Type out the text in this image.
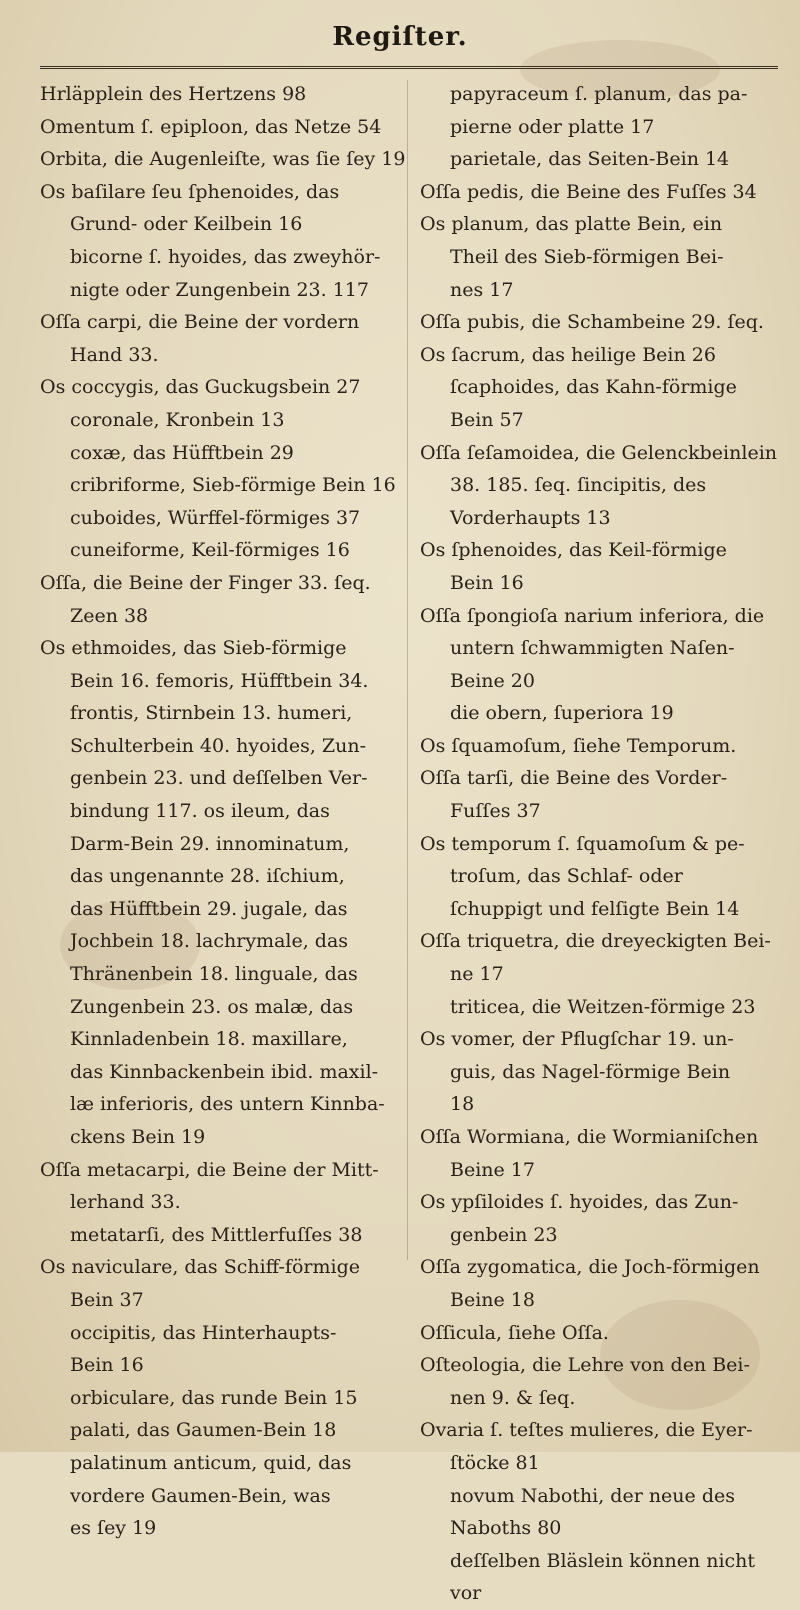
Regiſter.
Hrläpplein des Hertzens 98
Omentum ſ. epiploon, das Netze 54
Orbita, die Augenleiſte, was ſie ſey 19
Os baſilare ſeu ſphenoides, das
Grund- oder Keilbein 16
bicorne ſ. hyoides, das zweyhör-
nigte oder Zungenbein 23. 117
Oſſa carpi, die Beine der vordern
Hand 33.
Os coccygis, das Guckugsbein 27
coronale, Kronbein 13
coxæ, das Hüfftbein 29
cribriforme, Sieb-förmige Bein 16
cuboides, Würffel-förmiges 37
cuneiforme, Keil-förmiges 16
Oſſa, die Beine der Finger 33. ſeq.
Zeen 38
Os ethmoides, das Sieb-förmige
Bein 16. femoris, Hüfftbein 34.
frontis, Stirnbein 13. humeri,
Schulterbein 40. hyoides, Zun-
genbein 23. und deſſelben Ver-
bindung 117. os ileum, das
Darm-Bein 29. innominatum,
das ungenannte 28. iſchium,
das Hüfftbein 29. jugale, das
Jochbein 18. lachrymale, das
Thränenbein 18. linguale, das
Zungenbein 23. os malæ, das
Kinnladenbein 18. maxillare,
das Kinnbackenbein ibid. maxil-
læ inferioris, des untern Kinnba-
ckens Bein 19
Oſſa metacarpi, die Beine der Mitt-
lerhand 33.
metatarſi, des Mittlerfuſſes 38
Os naviculare, das Schiff-förmige
Bein 37
occipitis, das Hinterhaupts-
Bein 16
orbiculare, das runde Bein 15
palati, das Gaumen-Bein 18
palatinum anticum, quid, das
vordere Gaumen-Bein, was
es ſey 19
papyraceum ſ. planum, das pa-
pierne oder platte 17
parietale, das Seiten-Bein 14
Oſſa pedis, die Beine des Fuſſes 34
Os planum, das platte Bein, ein
Theil des Sieb-förmigen Bei-
nes 17
Oſſa pubis, die Schambeine 29. ſeq.
Os ſacrum, das heilige Bein 26
ſcaphoides, das Kahn-förmige
Bein 57
Oſſa ſeſamoidea, die Gelenckbeinlein
38. 185. ſeq. ſincipitis, des
Vorderhaupts 13
Os ſphenoides, das Keil-förmige
Bein 16
Oſſa ſpongioſa narium inferiora, die
untern ſchwammigten Naſen-
Beine 20
die obern, ſuperiora 19
Os ſquamoſum, ſiehe Temporum.
Oſſa tarſi, die Beine des Vorder-
Fuſſes 37
Os temporum ſ. ſquamoſum & pe-
troſum, das Schlaf- oder
ſchuppigt und felſigte Bein 14
Oſſa triquetra, die dreyeckigten Bei-
ne 17
triticea, die Weitzen-förmige 23
Os vomer, der Pflugſchar 19. un-
guis, das Nagel-förmige Bein
18
Oſſa Wormiana, die Wormianiſchen
Beine 17
Os ypſiloides ſ. hyoides, das Zun-
genbein 23
Oſſa zygomatica, die Joch-förmigen
Beine 18
Oſſicula, ſiehe Oſſa.
Oſteologia, die Lehre von den Bei-
nen 9. & ſeq.
Ovaria ſ. teſtes mulieres, die Eyer-
ſtöcke 81
novum Nabothi, der neue des
Naboths 80
deſſelben Bläslein können nicht
vor
